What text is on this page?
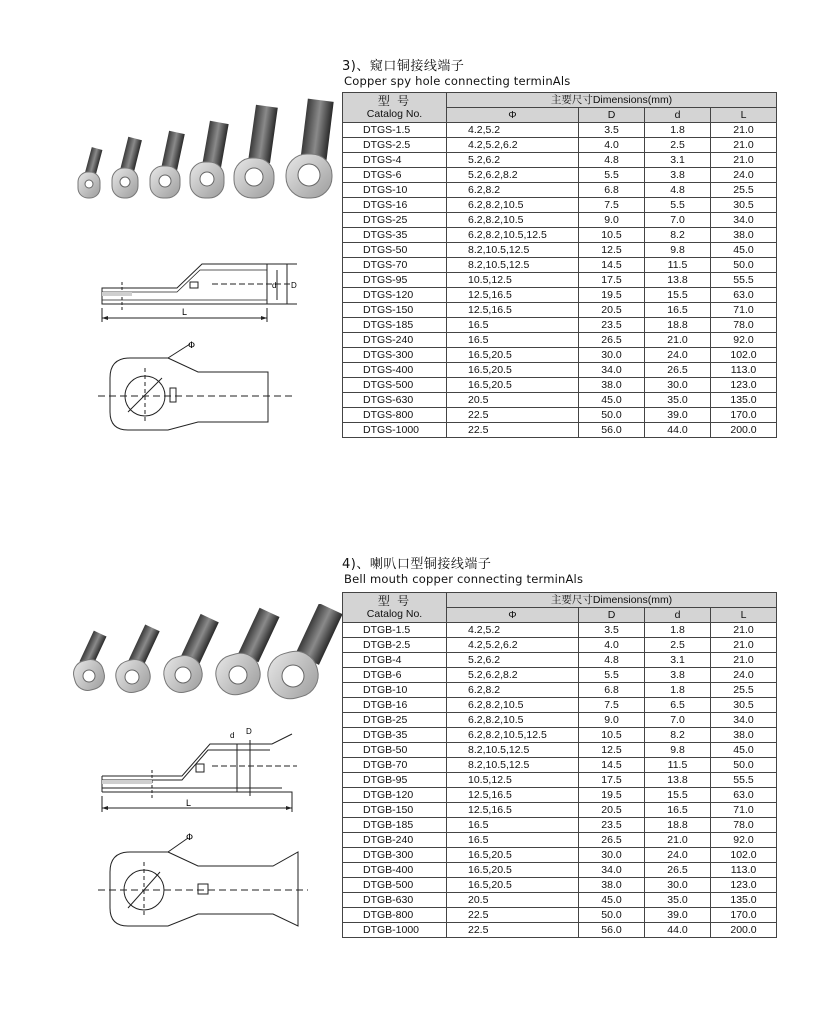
3)、窥口铜接线端子
Copper spy hole connecting terminAls
d D
L
Φ
型 号
Catalog No.	主要尺寸Dimensions(mm)			
	Φ	D	d	L
DTGS-1.5	4.2,5.2	3.5	1.8	21.0
DTGS-2.5	4.2,5.2,6.2	4.0	2.5	21.0
DTGS-4	5.2,6.2	4.8	3.1	21.0
DTGS-6	5.2,6.2,8.2	5.5	3.8	24.0
DTGS-10	6.2,8.2	6.8	4.8	25.5
DTGS-16	6.2,8.2,10.5	7.5	5.5	30.5
DTGS-25	6.2,8.2,10.5	9.0	7.0	34.0
DTGS-35	6.2,8.2,10.5,12.5	10.5	8.2	38.0
DTGS-50	8.2,10.5,12.5	12.5	9.8	45.0
DTGS-70	8.2,10.5,12.5	14.5	11.5	50.0
DTGS-95	10.5,12.5	17.5	13.8	55.5
DTGS-120	12.5,16.5	19.5	15.5	63.0
DTGS-150	12.5,16.5	20.5	16.5	71.0
DTGS-185	16.5	23.5	18.8	78.0
DTGS-240	16.5	26.5	21.0	92.0
DTGS-300	16.5,20.5	30.0	24.0	102.0
DTGS-400	16.5,20.5	34.0	26.5	113.0
DTGS-500	16.5,20.5	38.0	30.0	123.0
DTGS-630	20.5	45.0	35.0	135.0
DTGS-800	22.5	50.0	39.0	170.0
DTGS-1000	22.5	56.0	44.0	200.0
4)、喇叭口型铜接线端子
Bell mouth copper connecting terminAls
d D
L
Φ
型 号
Catalog No.	主要尺寸Dimensions(mm)			
	Φ	D	d	L
DTGB-1.5	4.2,5.2	3.5	1.8	21.0
DTGB-2.5	4.2,5.2,6.2	4.0	2.5	21.0
DTGB-4	5.2,6.2	4.8	3.1	21.0
DTGB-6	5.2,6.2,8.2	5.5	3.8	24.0
DTGB-10	6.2,8.2	6.8	1.8	25.5
DTGB-16	6.2,8.2,10.5	7.5	6.5	30.5
DTGB-25	6.2,8.2,10.5	9.0	7.0	34.0
DTGB-35	6.2,8.2,10.5,12.5	10.5	8.2	38.0
DTGB-50	8.2,10.5,12.5	12.5	9.8	45.0
DTGB-70	8.2,10.5,12.5	14.5	11.5	50.0
DTGB-95	10.5,12.5	17.5	13.8	55.5
DTGB-120	12.5,16.5	19.5	15.5	63.0
DTGB-150	12.5,16.5	20.5	16.5	71.0
DTGB-185	16.5	23.5	18.8	78.0
DTGB-240	16.5	26.5	21.0	92.0
DTGB-300	16.5,20.5	30.0	24.0	102.0
DTGB-400	16.5,20.5	34.0	26.5	113.0
DTGB-500	16.5,20.5	38.0	30.0	123.0
DTGB-630	20.5	45.0	35.0	135.0
DTGB-800	22.5	50.0	39.0	170.0
DTGB-1000	22.5	56.0	44.0	200.0
